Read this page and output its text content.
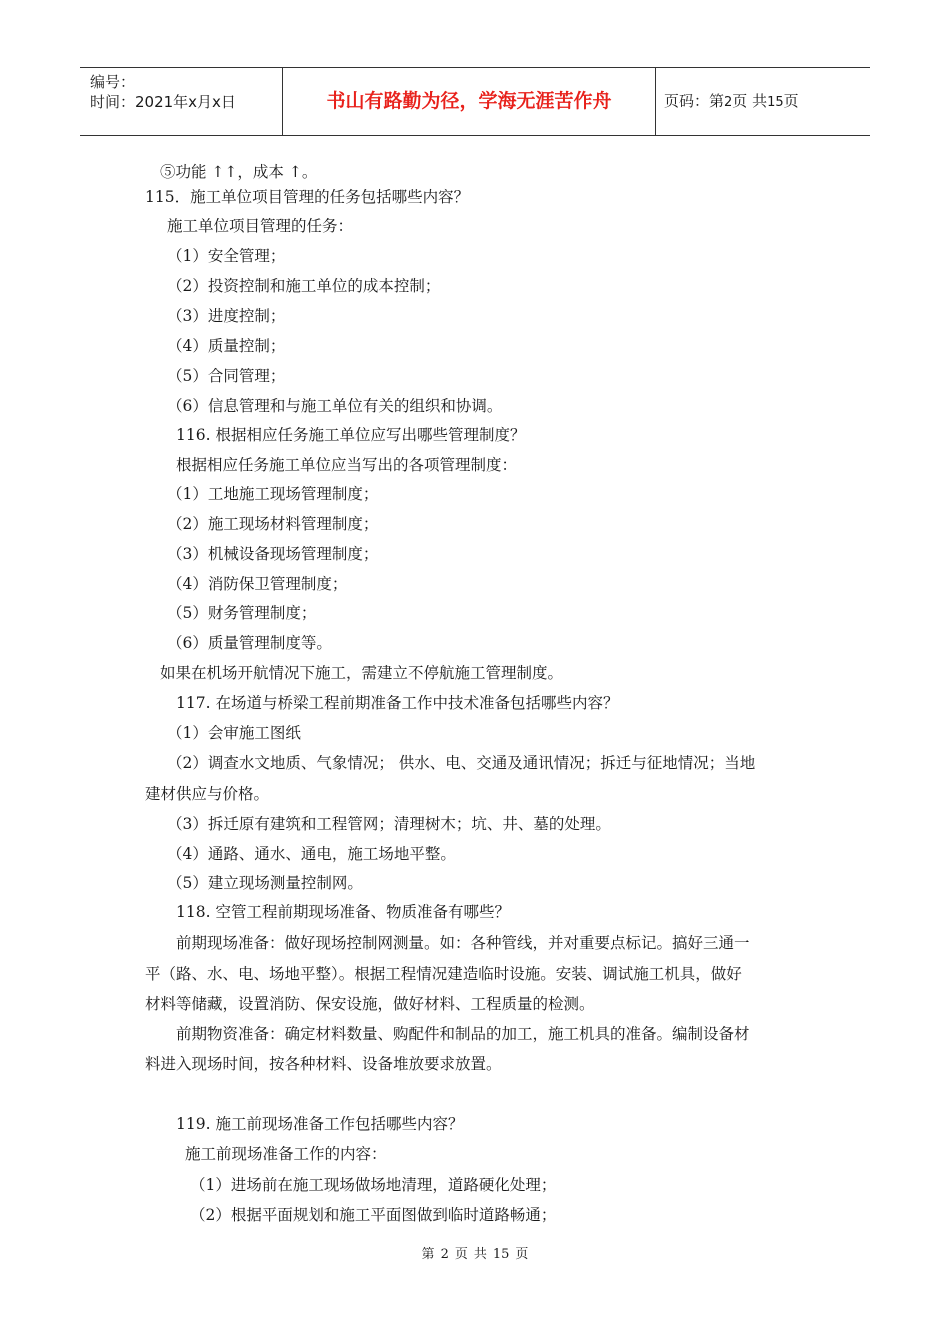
编号：
时间：2021年x月x日	书山有路勤为径，学海无涯苦作舟	页码：第2页 共15页
⑤功能 ↑↑，成本 ↑。
115．施工单位项目管理的任务包括哪些内容？
施工单位项目管理的任务：
（1）安全管理；
（2）投资控制和施工单位的成本控制；
（3）进度控制；
（4）质量控制；
（5）合同管理；
（6）信息管理和与施工单位有关的组织和协调。
116. 根据相应任务施工单位应写出哪些管理制度？
根据相应任务施工单位应当写出的各项管理制度：
（1）工地施工现场管理制度；
（2）施工现场材料管理制度；
（3）机械设备现场管理制度；
（4）消防保卫管理制度；
（5）财务管理制度；
（6）质量管理制度等。
如果在机场开航情况下施工，需建立不停航施工管理制度。
117. 在场道与桥梁工程前期准备工作中技术准备包括哪些内容？
（1）会审施工图纸
（2）调查水文地质、气象情况； 供水、电、交通及通讯情况；拆迁与征地情况；当地
建材供应与价格。
（3）拆迁原有建筑和工程管网；清理树木；坑、井、墓的处理。
（4）通路、通水、通电，施工场地平整。
（5）建立现场测量控制网。
118. 空管工程前期现场准备、物质准备有哪些？
前期现场准备：做好现场控制网测量。如：各种管线，并对重要点标记。搞好三通一
平（路、水、电、场地平整）。根据工程情况建造临时设施。安装、调试施工机具，做好
材料等储藏，设置消防、保安设施，做好材料、工程质量的检测。
前期物资准备：确定材料数量、购配件和制品的加工，施工机具的准备。编制设备材
料进入现场时间，按各种材料、设备堆放要求放置。
119. 施工前现场准备工作包括哪些内容？
施工前现场准备工作的内容：
（1）进场前在施工现场做场地清理，道路硬化处理；
（2）根据平面规划和施工平面图做到临时道路畅通；
第 2 页 共 15 页
